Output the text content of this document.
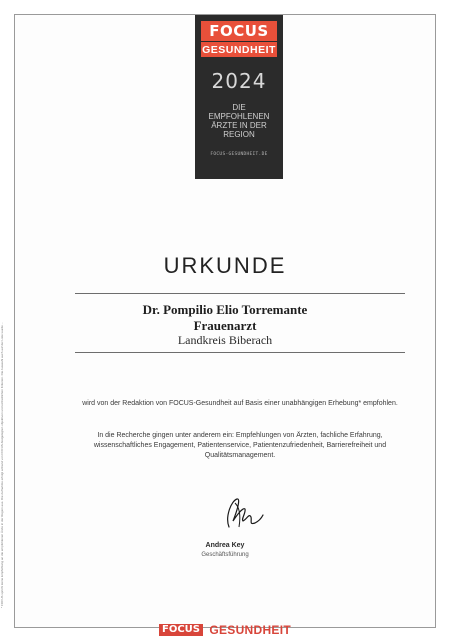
FOCUS
GESUNDHEIT
2024
DIE EMPFOHLENEN ÄRZTE IN DER REGION
FOCUS-GESUNDHEIT.DE
URKUNDE
Dr. Pompilio Elio Torremante
Frauenarzt
Landkreis Biberach
wird von der Redaktion von FOCUS-Gesundheit auf Basis einer unabhängigen Erhebung* empfohlen.
In die Recherche gingen unter anderem ein: Empfehlungen von Ärzten, fachliche Erfahrung, wissenschaftliches Engagement, Patientenservice, Patientenzufriedenheit, Barrierefreiheit und Qualitätsmanagement.
Andrea Key
Geschäftsführung
FOCUS GESUNDHEIT
* FOCUS spricht keine Empfehlung an die empfohlenen Ärzte in der Region aus. Die Aufnahme erfolgt anhand von FOCUS-festgelegten objektiven und einheitlichen Kriterien. Die Auswahl auch auf der Liste wurde ...
